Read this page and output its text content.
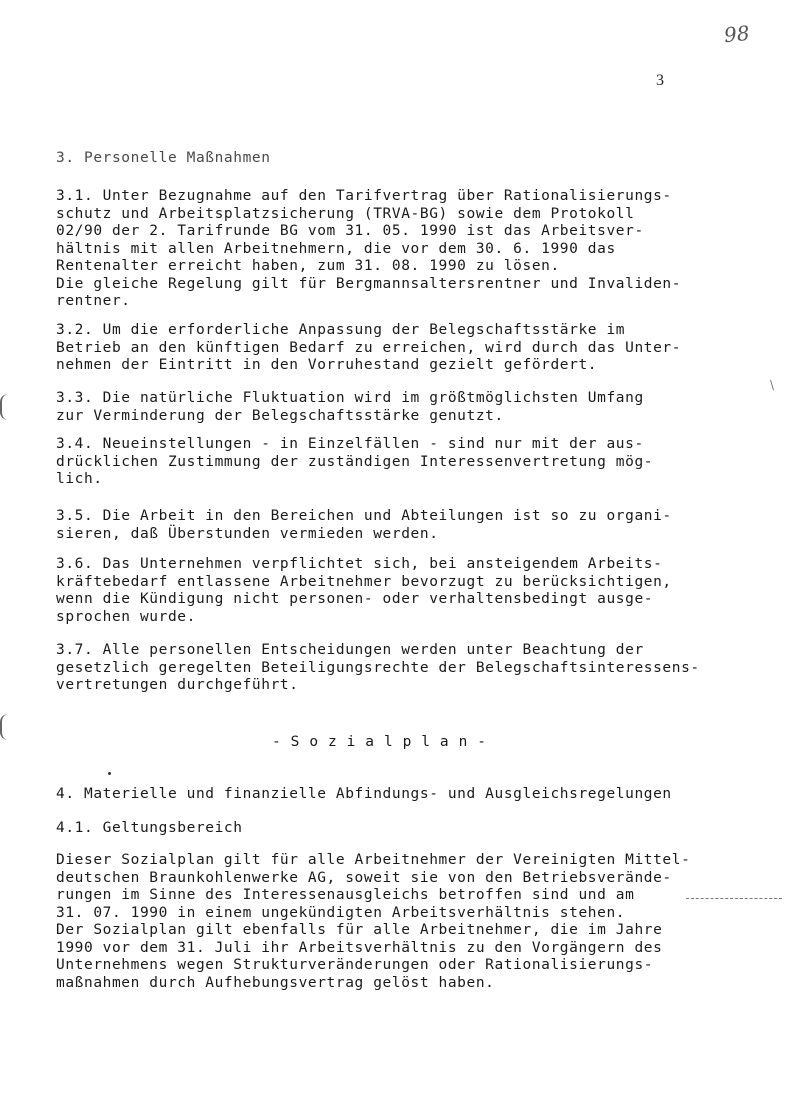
98
3
\
3. Personelle Maßnahmen
3.1. Unter Bezugnahme auf den Tarifvertrag über Rationalisierungs-
schutz und Arbeitsplatzsicherung (TRVA-BG) sowie dem Protokoll
02/90 der 2. Tarifrunde BG vom 31. 05. 1990 ist das Arbeitsver-
hältnis mit allen Arbeitnehmern, die vor dem 30. 6. 1990 das
Rentenalter erreicht haben, zum 31. 08. 1990 zu lösen.
Die gleiche Regelung gilt für Bergmannsaltersrentner und Invaliden-
rentner.
3.2. Um die erforderliche Anpassung der Belegschaftsstärke im
Betrieb an den künftigen Bedarf zu erreichen, wird durch das Unter-
nehmen der Eintritt in den Vorruhestand gezielt gefördert.
3.3. Die natürliche Fluktuation wird im größtmöglichsten Umfang
zur Verminderung der Belegschaftsstärke genutzt.
3.4. Neueinstellungen - in Einzelfällen - sind nur mit der aus-
drücklichen Zustimmung der zuständigen Interessenvertretung mög-
lich.
3.5. Die Arbeit in den Bereichen und Abteilungen ist so zu organi-
sieren, daß Überstunden vermieden werden.
3.6. Das Unternehmen verpflichtet sich, bei ansteigendem Arbeits-
kräftebedarf entlassene Arbeitnehmer bevorzugt zu berücksichtigen,
wenn die Kündigung nicht personen- oder verhaltensbedingt ausge-
sprochen wurde.
3.7. Alle personellen Entscheidungen werden unter Beachtung der
gesetzlich geregelten Beteiligungsrechte der Belegschaftsinteressens-
vertretungen durchgeführt.
- S o z i a l p l a n -
4. Materielle und finanzielle Abfindungs- und Ausgleichsregelungen
4.1. Geltungsbereich
Dieser Sozialplan gilt für alle Arbeitnehmer der Vereinigten Mittel-
deutschen Braunkohlenwerke AG, soweit sie von den Betriebsverände-
rungen im Sinne des Interessenausgleichs betroffen sind und am
31. 07. 1990 in einem ungekündigten Arbeitsverhältnis stehen.
Der Sozialplan gilt ebenfalls für alle Arbeitnehmer, die im Jahre
1990 vor dem 31. Juli ihr Arbeitsverhältnis zu den Vorgängern des
Unternehmens wegen Strukturveränderungen oder Rationalisierungs-
maßnahmen durch Aufhebungsvertrag gelöst haben.
